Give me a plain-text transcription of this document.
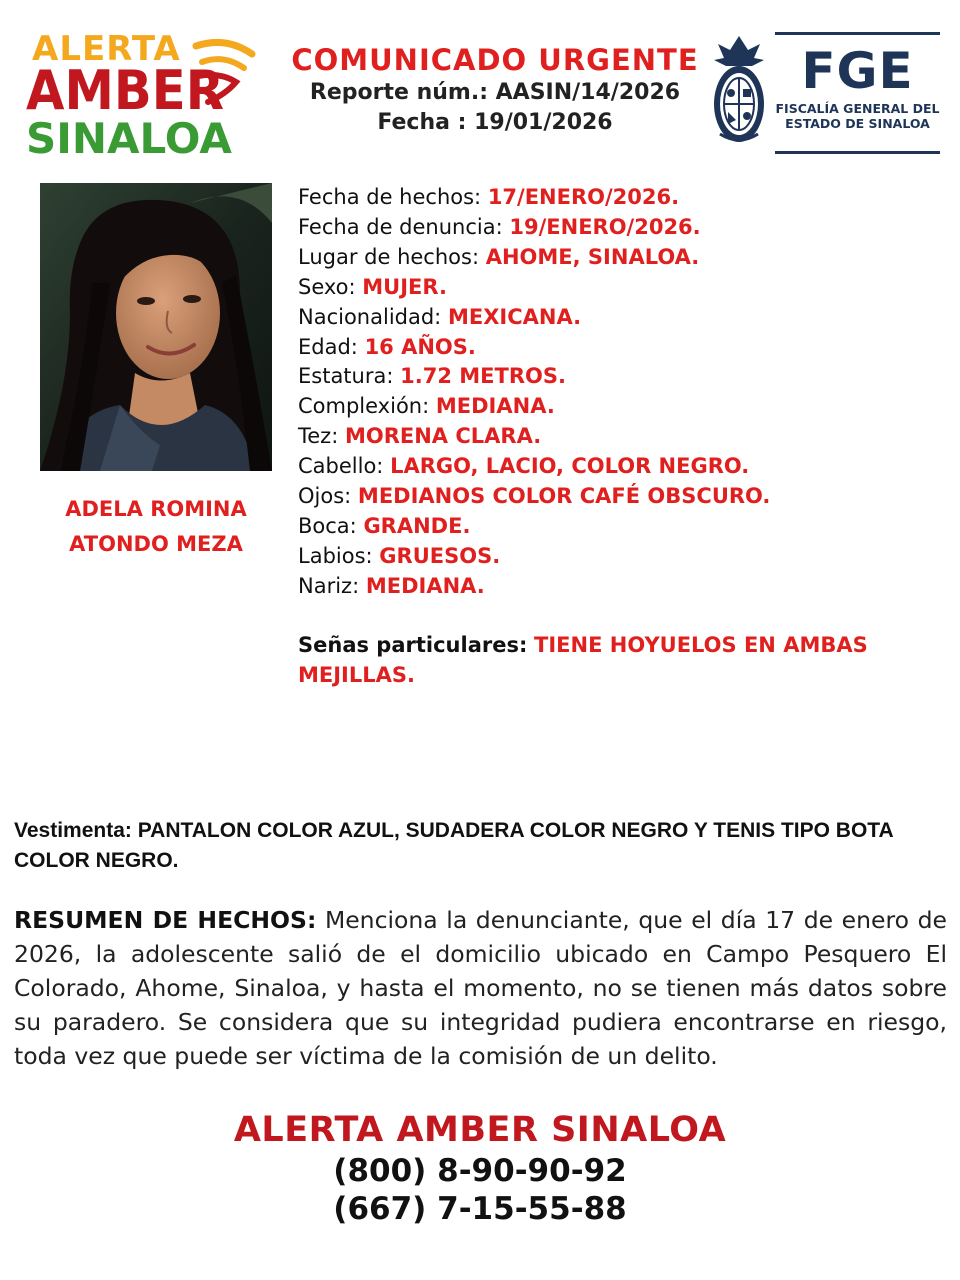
ALERTA
AMBER
SINALOA
COMUNICADO URGENTE
Reporte núm.: AASIN/14/2026
Fecha : 19/01/2026
FGE
FISCALÍA GENERAL DEL
ESTADO DE SINALOA
ADELA ROMINA
ATONDO MEZA
Fecha de hechos: 17/ENERO/2026.
Fecha de denuncia: 19/ENERO/2026.
Lugar de hechos: AHOME, SINALOA.
Sexo: MUJER.
Nacionalidad: MEXICANA.
Edad: 16 AÑOS.
Estatura: 1.72 METROS.
Complexión: MEDIANA.
Tez: MORENA CLARA.
Cabello: LARGO, LACIO, COLOR NEGRO.
Ojos: MEDIANOS COLOR CAFÉ OBSCURO.
Boca: GRANDE.
Labios: GRUESOS.
Nariz: MEDIANA.
Señas particulares: TIENE HOYUELOS EN AMBAS MEJILLAS.
Vestimenta: PANTALON COLOR AZUL, SUDADERA COLOR NEGRO Y TENIS TIPO BOTA COLOR NEGRO.
RESUMEN DE HECHOS: Menciona la denunciante, que el día 17 de enero de 2026, la adolescente salió de el domicilio ubicado en Campo Pesquero El Colorado, Ahome, Sinaloa, y hasta el momento, no se tienen más datos sobre su paradero. Se considera que su integridad pudiera encontrarse en riesgo, toda vez que puede ser víctima de la comisión de un delito.
ALERTA AMBER SINALOA
(800) 8-90-90-92
(667) 7-15-55-88
